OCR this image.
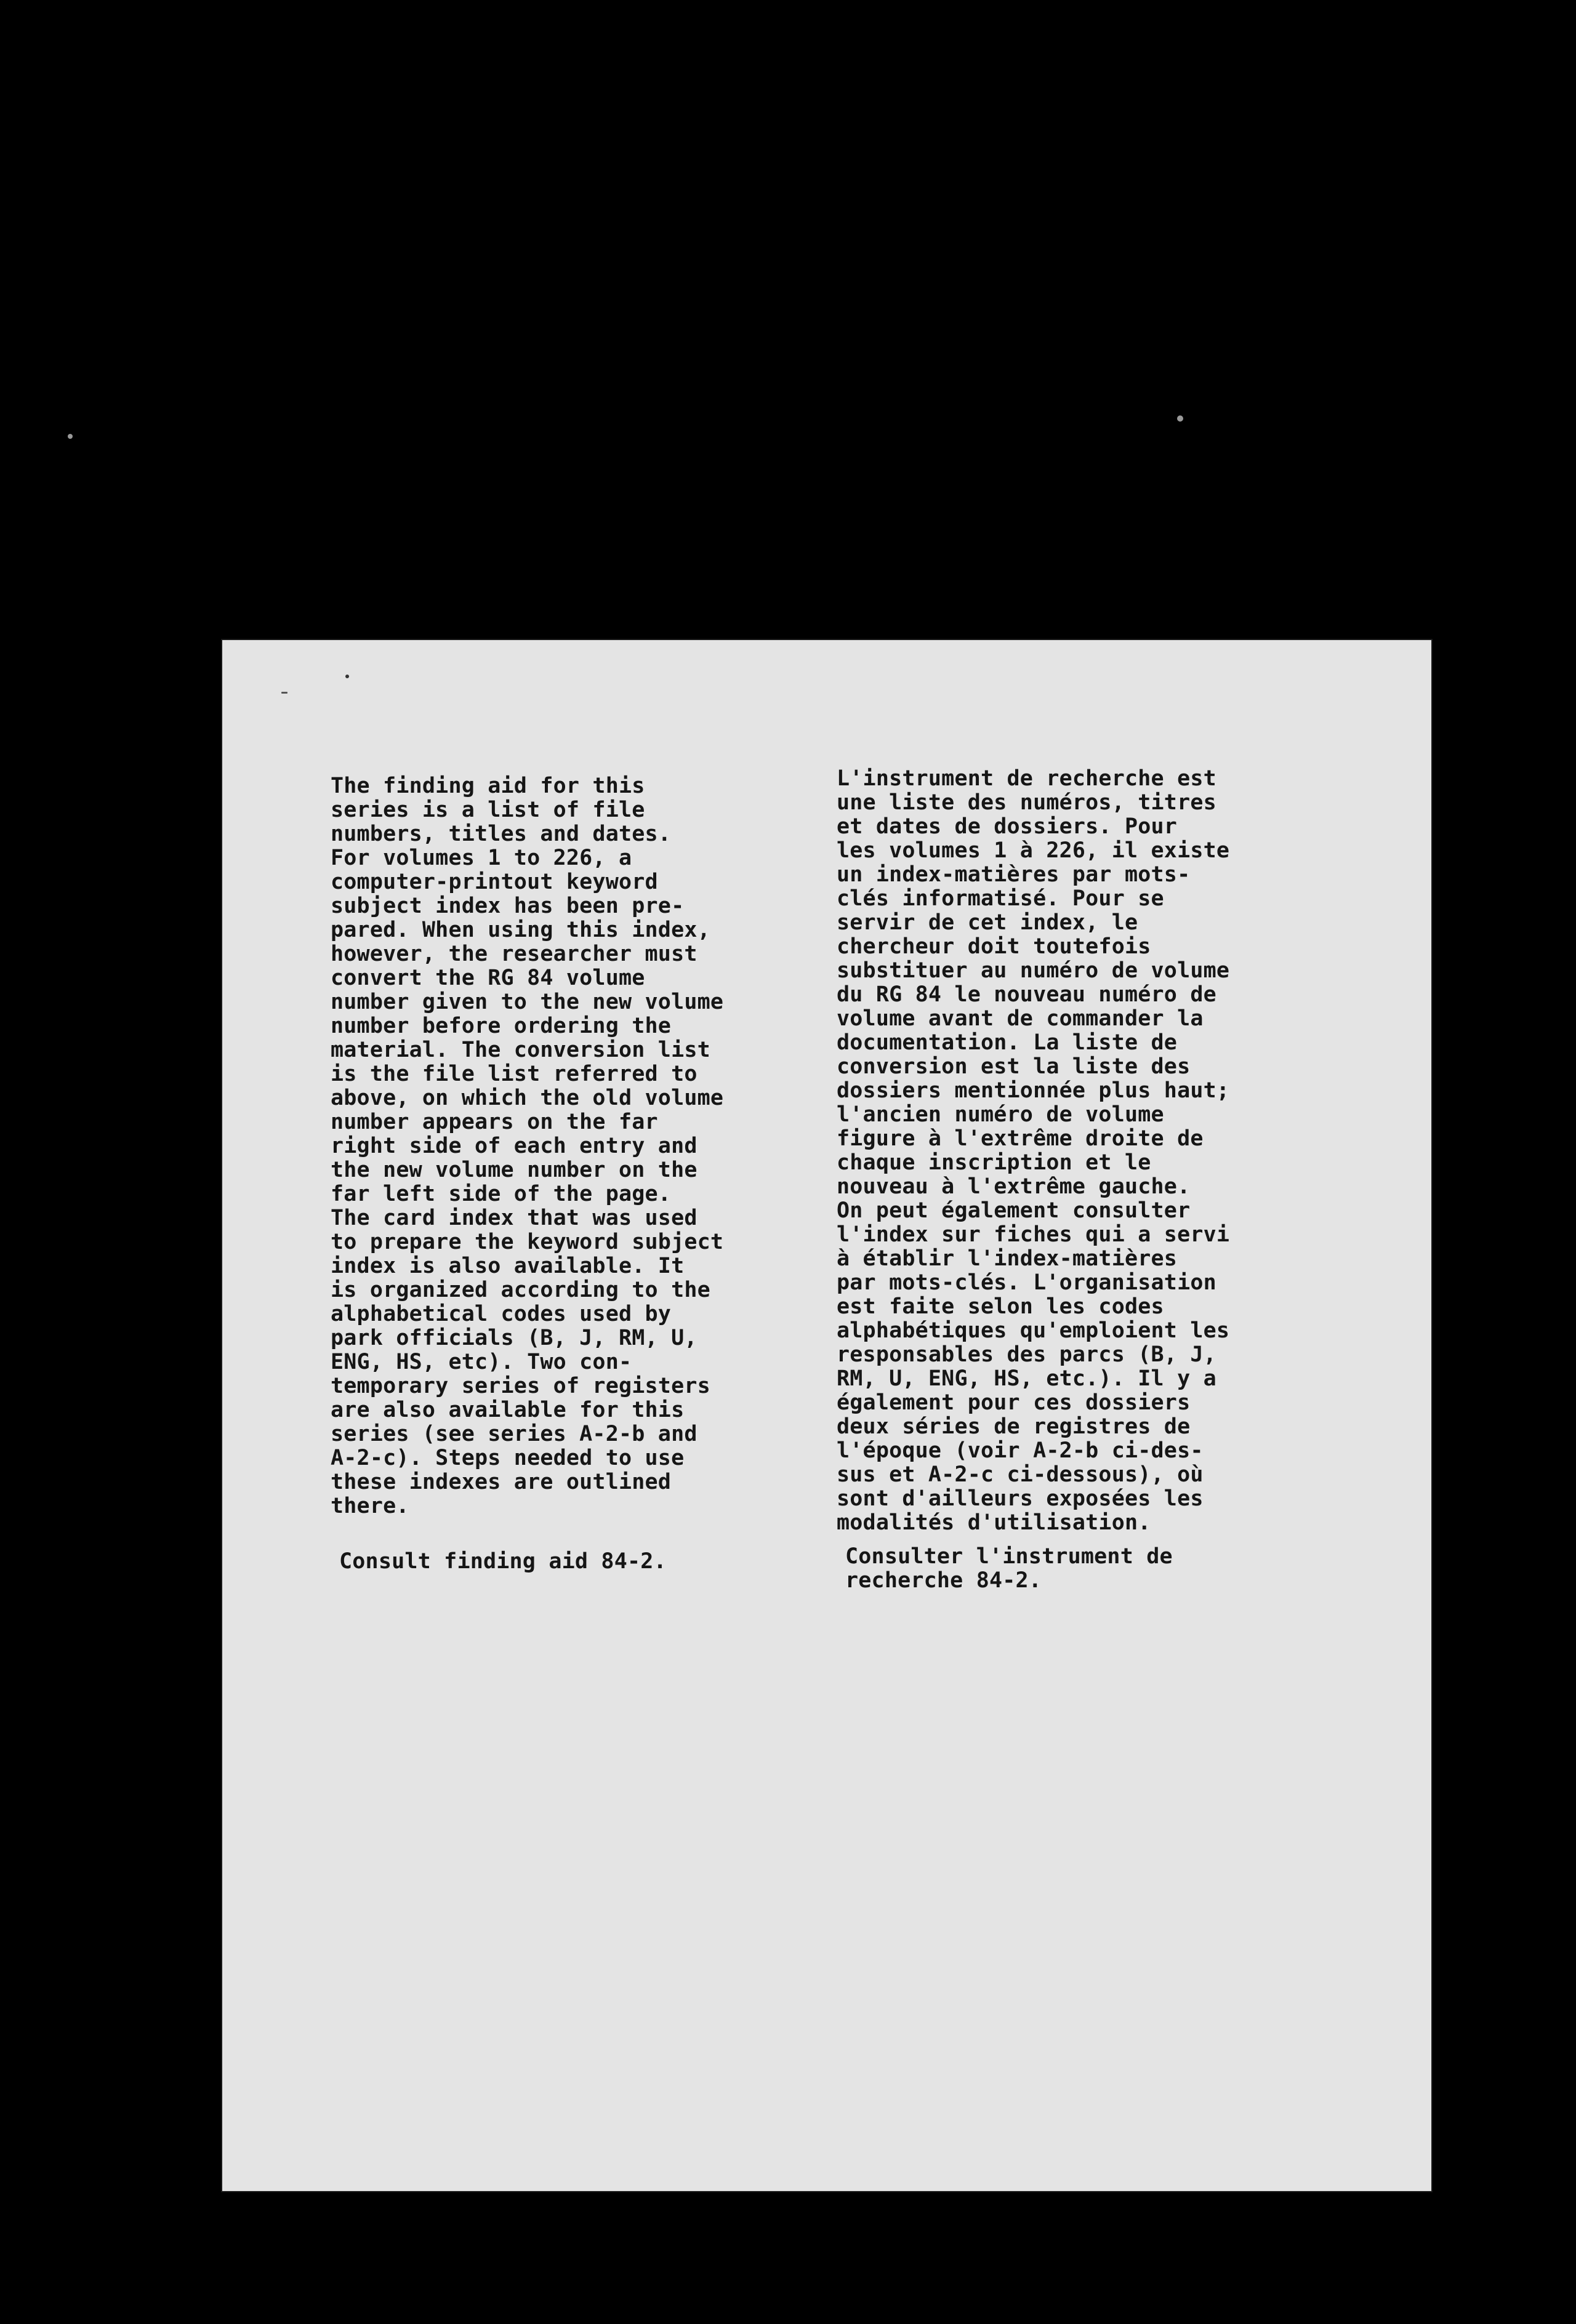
The finding aid for this
series is a list of file
numbers, titles and dates.
For volumes 1 to 226, a
computer-printout keyword
subject index has been pre-
pared. When using this index,
however, the researcher must
convert the RG 84 volume
number given to the new volume
number before ordering the
material. The conversion list
is the file list referred to
above, on which the old volume
number appears on the far
right side of each entry and
the new volume number on the
far left side of the page.
The card index that was used
to prepare the keyword subject
index is also available. It
is organized according to the
alphabetical codes used by
park officials (B, J, RM, U,
ENG, HS, etc). Two con-
temporary series of registers
are also available for this
series (see series A-2-b and
A-2-c). Steps needed to use
these indexes are outlined
there.
L'instrument de recherche est
une liste des numéros, titres
et dates de dossiers. Pour
les volumes 1 à 226, il existe
un index-matières par mots-
clés informatisé. Pour se
servir de cet index, le
chercheur doit toutefois
substituer au numéro de volume
du RG 84 le nouveau numéro de
volume avant de commander la
documentation. La liste de
conversion est la liste des
dossiers mentionnée plus haut;
l'ancien numéro de volume
figure à l'extrême droite de
chaque inscription et le
nouveau à l'extrême gauche.
On peut également consulter
l'index sur fiches qui a servi
à établir l'index-matières
par mots-clés. L'organisation
est faite selon les codes
alphabétiques qu'emploient les
responsables des parcs (B, J,
RM, U, ENG, HS, etc.). Il y a
également pour ces dossiers
deux séries de registres de
l'époque (voir A-2-b ci-des-
sus et A-2-c ci-dessous), où
sont d'ailleurs exposées les
modalités d'utilisation.
Consult finding aid 84-2.	Consulter l'instrument de
recherche 84-2.
